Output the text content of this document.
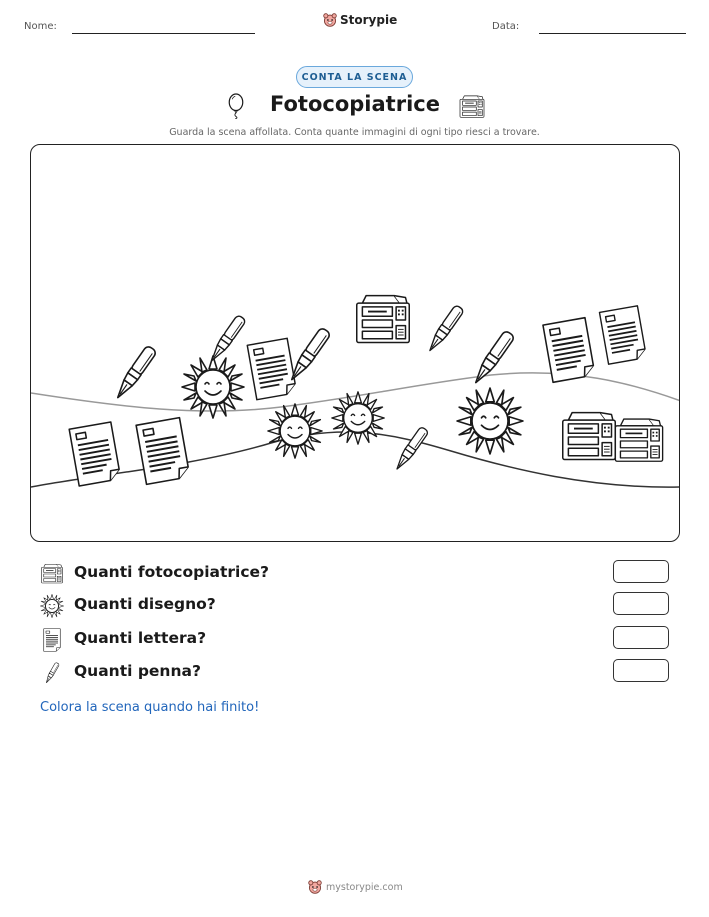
Nome:	Storypie	Data:
CONTA LA SCENA
Fotocopiatrice
Guarda la scena affollata. Conta quante immagini di ogni tipo riesci a trovare.
Quanti fotocopiatrice?
Quanti disegno?
Quanti lettera?
Quanti penna?
Colora la scena quando hai finito!
mystorypie.com
